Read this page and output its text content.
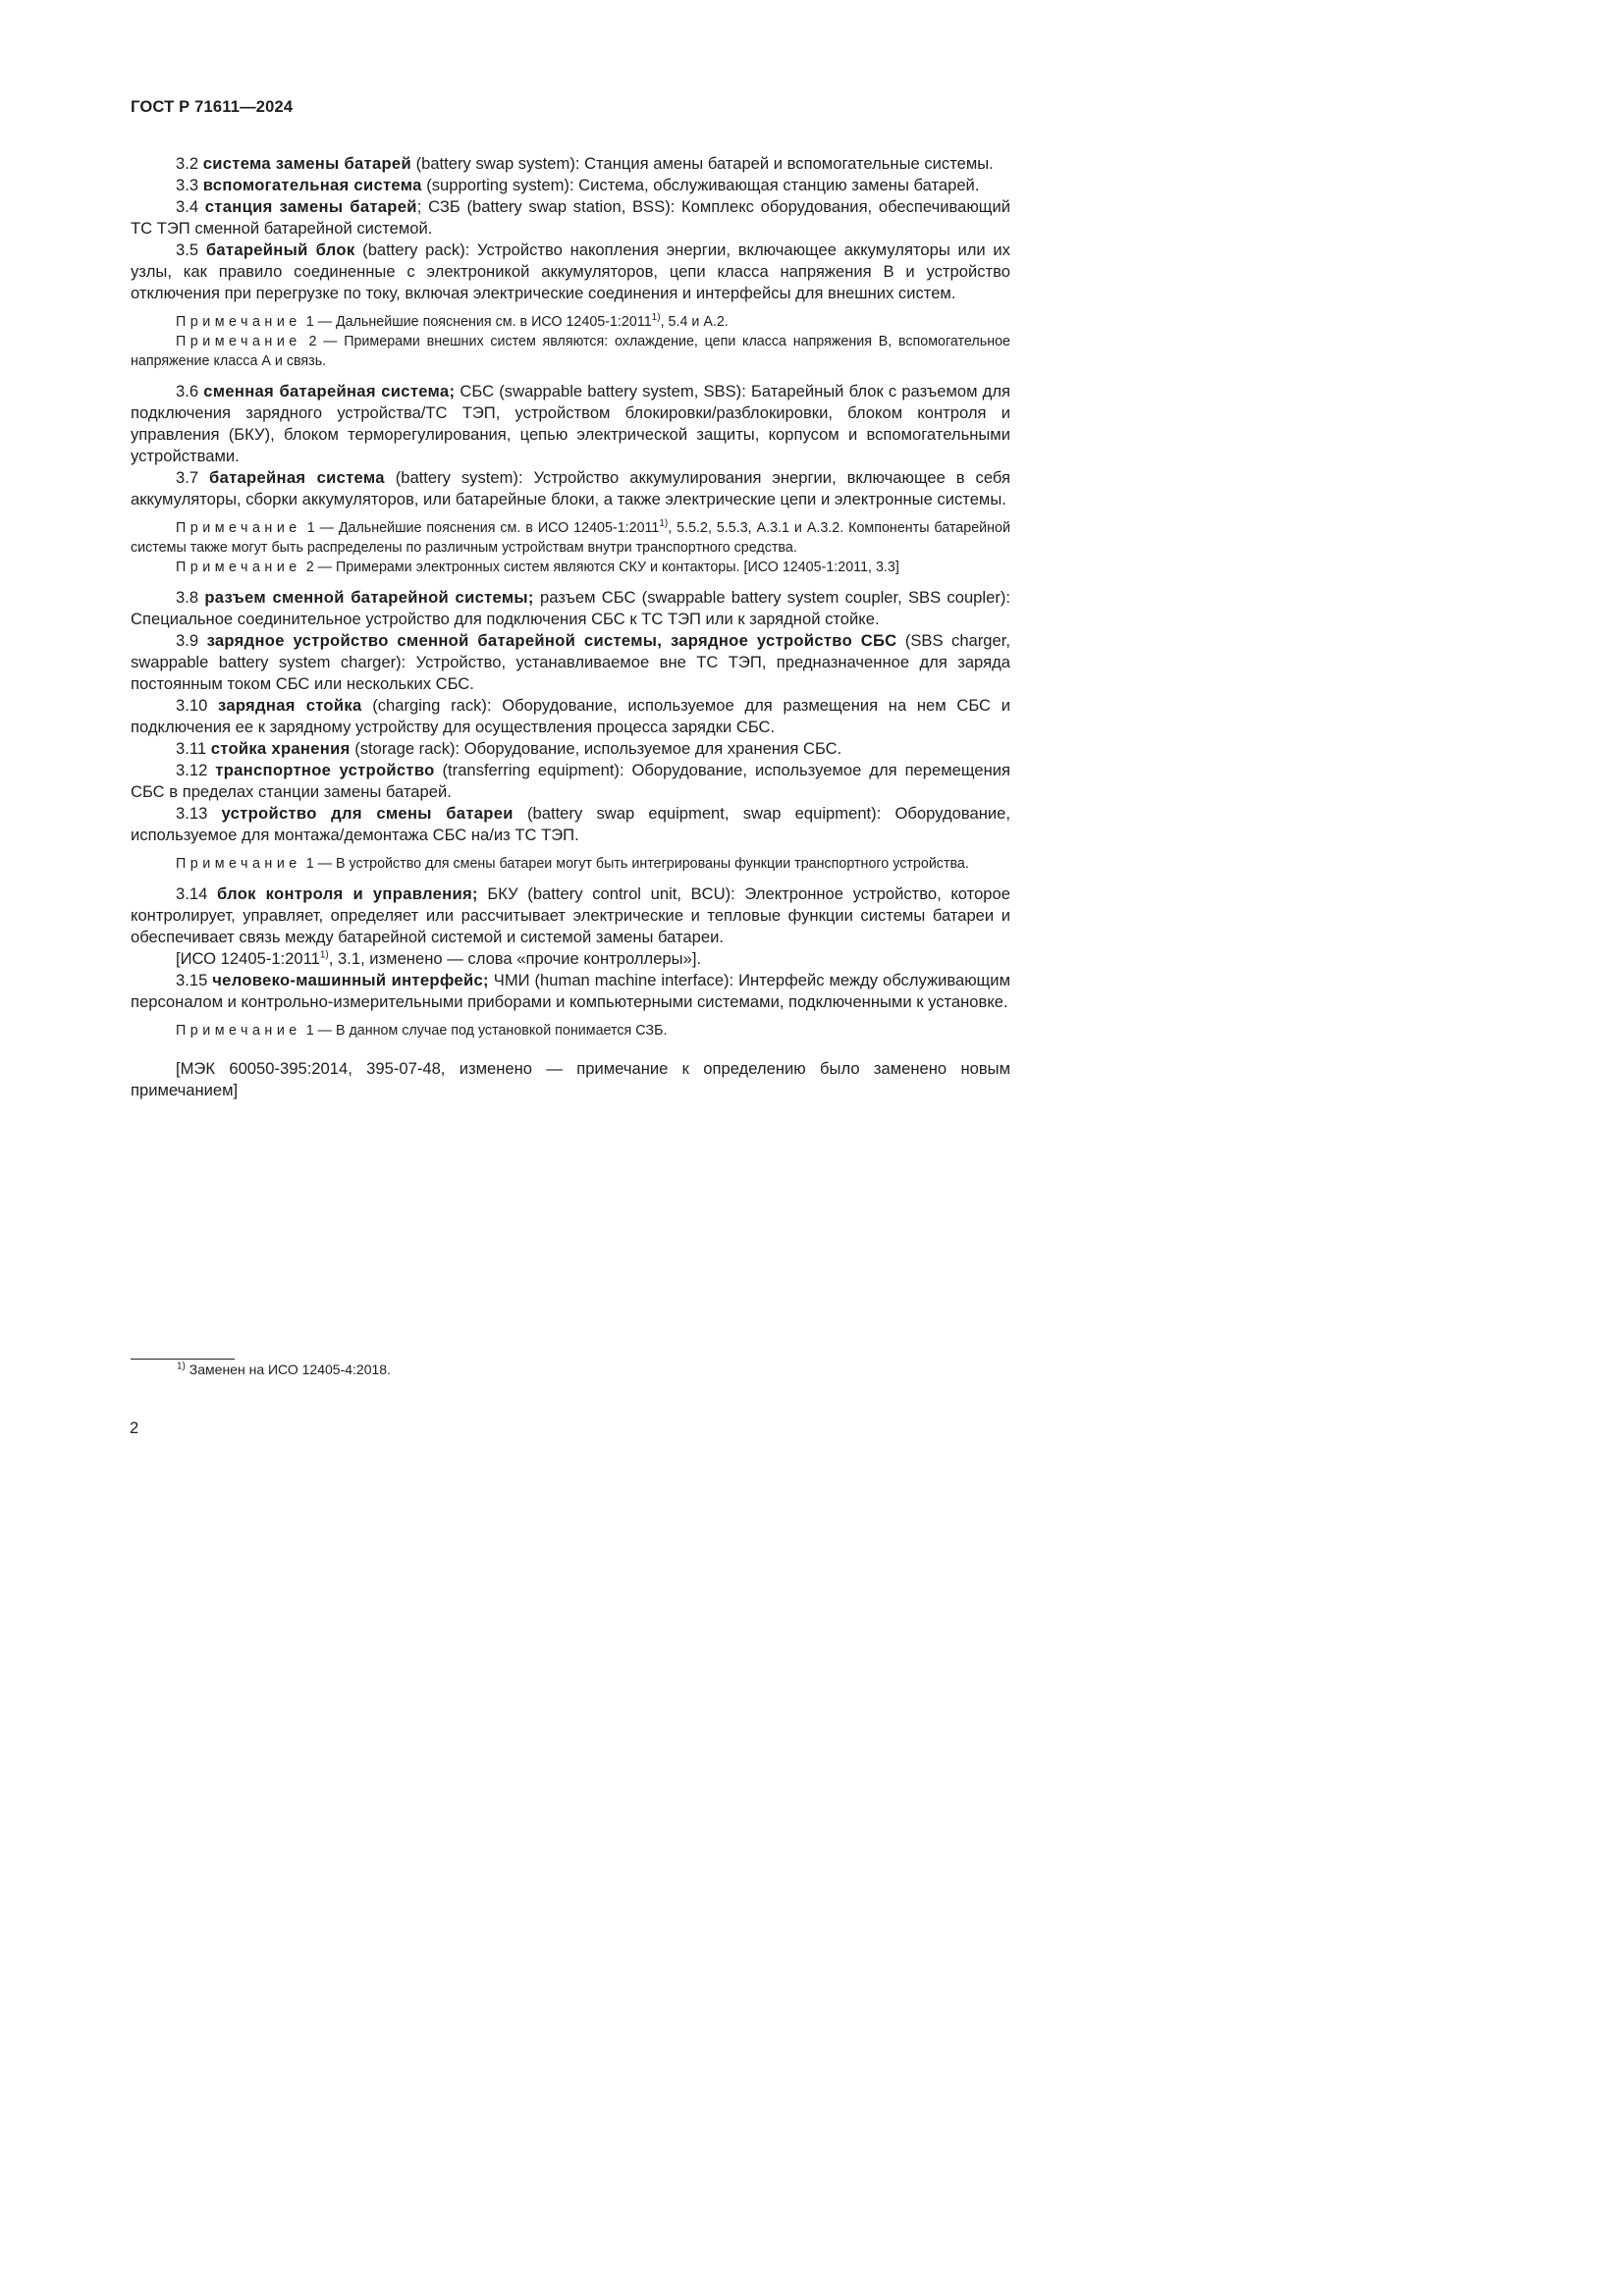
ГОСТ Р 71611—2024

3.2 система замены батарей (battery swap system): Станция амены батарей и вспомогательные системы.

3.3 вспомогательная система (supporting system): Система, обслуживающая станцию замены батарей.

3.4 станция замены батарей; СЗБ (battery swap station, BSS): Комплекс оборудования, обеспечивающий ТС ТЭП сменной батарейной системой.

3.5 батарейный блок (battery pack): Устройство накопления энергии, включающее аккумуляторы или их узлы, как правило соединенные с электроникой аккумуляторов, цепи класса напряжения В и устройство отключения при перегрузке по току, включая электрические соединения и интерфейсы для внешних систем.

Примечание 1 — Дальнейшие пояснения см. в ИСО 12405-1:2011$^{1)}$, 5.4 и А.2.

Примечание 2 — Примерами внешних систем являются: охлаждение, цепи класса напряжения В, вспомогательное напряжение класса А и связь.

3.6 сменная батарейная система; СБС (swappable battery system, SBS): Батарейный блок с разъемом для подключения зарядного устройства/ТС ТЭП, устройством блокировки/разблокировки, блоком контроля и управления (БКУ), блоком терморегулирования, цепью электрической защиты, корпусом и вспомогательными устройствами.

3.7 батарейная система (battery system): Устройство аккумулирования энергии, включающее в себя аккумуляторы, сборки аккумуляторов, или батарейные блоки, а также электрические цепи и электронные системы.

Примечание 1 — Дальнейшие пояснения см. в ИСО 12405-1:2011$^{1)}$, 5.5.2, 5.5.3, А.3.1 и А.3.2. Компоненты батарейной системы также могут быть распределены по различным устройствам внутри транспортного средства.

Примечание 2 — Примерами электронных систем являются СКУ и контакторы. [ИСО 12405-1:2011, 3.3]

3.8 разъем сменной батарейной системы; разъем СБС (swappable battery system coupler, SBS coupler): Специальное соединительное устройство для подключения СБС к ТС ТЭП или к зарядной стойке.

3.9 зарядное устройство сменной батарейной системы, зарядное устройство СБС (SBS charger, swappable battery system charger): Устройство, устанавливаемое вне ТС ТЭП, предназначенное для заряда постоянным током СБС или нескольких СБС.

3.10 зарядная стойка (charging rack): Оборудование, используемое для размещения на нем СБС и подключения ее к зарядному устройству для осуществления процесса зарядки СБС.

3.11 стойка хранения (storage rack): Оборудование, используемое для хранения СБС.

3.12 транспортное устройство (transferring equipment): Оборудование, используемое для перемещения СБС в пределах станции замены батарей.

3.13 устройство для смены батареи (battery swap equipment, swap equipment): Оборудование, используемое для монтажа/демонтажа СБС на/из ТС ТЭП.

Примечание 1 — В устройство для смены батареи могут быть интегрированы функции транспортного устройства.

3.14 блок контроля и управления; БКУ (battery control unit, BCU): Электронное устройство, которое контролирует, управляет, определяет или рассчитывает электрические и тепловые функции системы батареи и обеспечивает связь между батарейной системой и системой замены батареи.

[ИСО 12405-1:2011$^{1)}$, 3.1, изменено — слова «прочие контроллеры»].

3.15 человеко-машинный интерфейс; ЧМИ (human machine interface): Интерфейс между обслуживающим персоналом и контрольно-измерительными приборами и компьютерными системами, подключенными к установке.

Примечание 1 — В данном случае под установкой понимается СЗБ.

[МЭК 60050-395:2014, 395-07-48, изменено — примечание к определению было заменено новым примечанием]

$^{1)}$ Заменен на ИСО 12405-4:2018.
2
